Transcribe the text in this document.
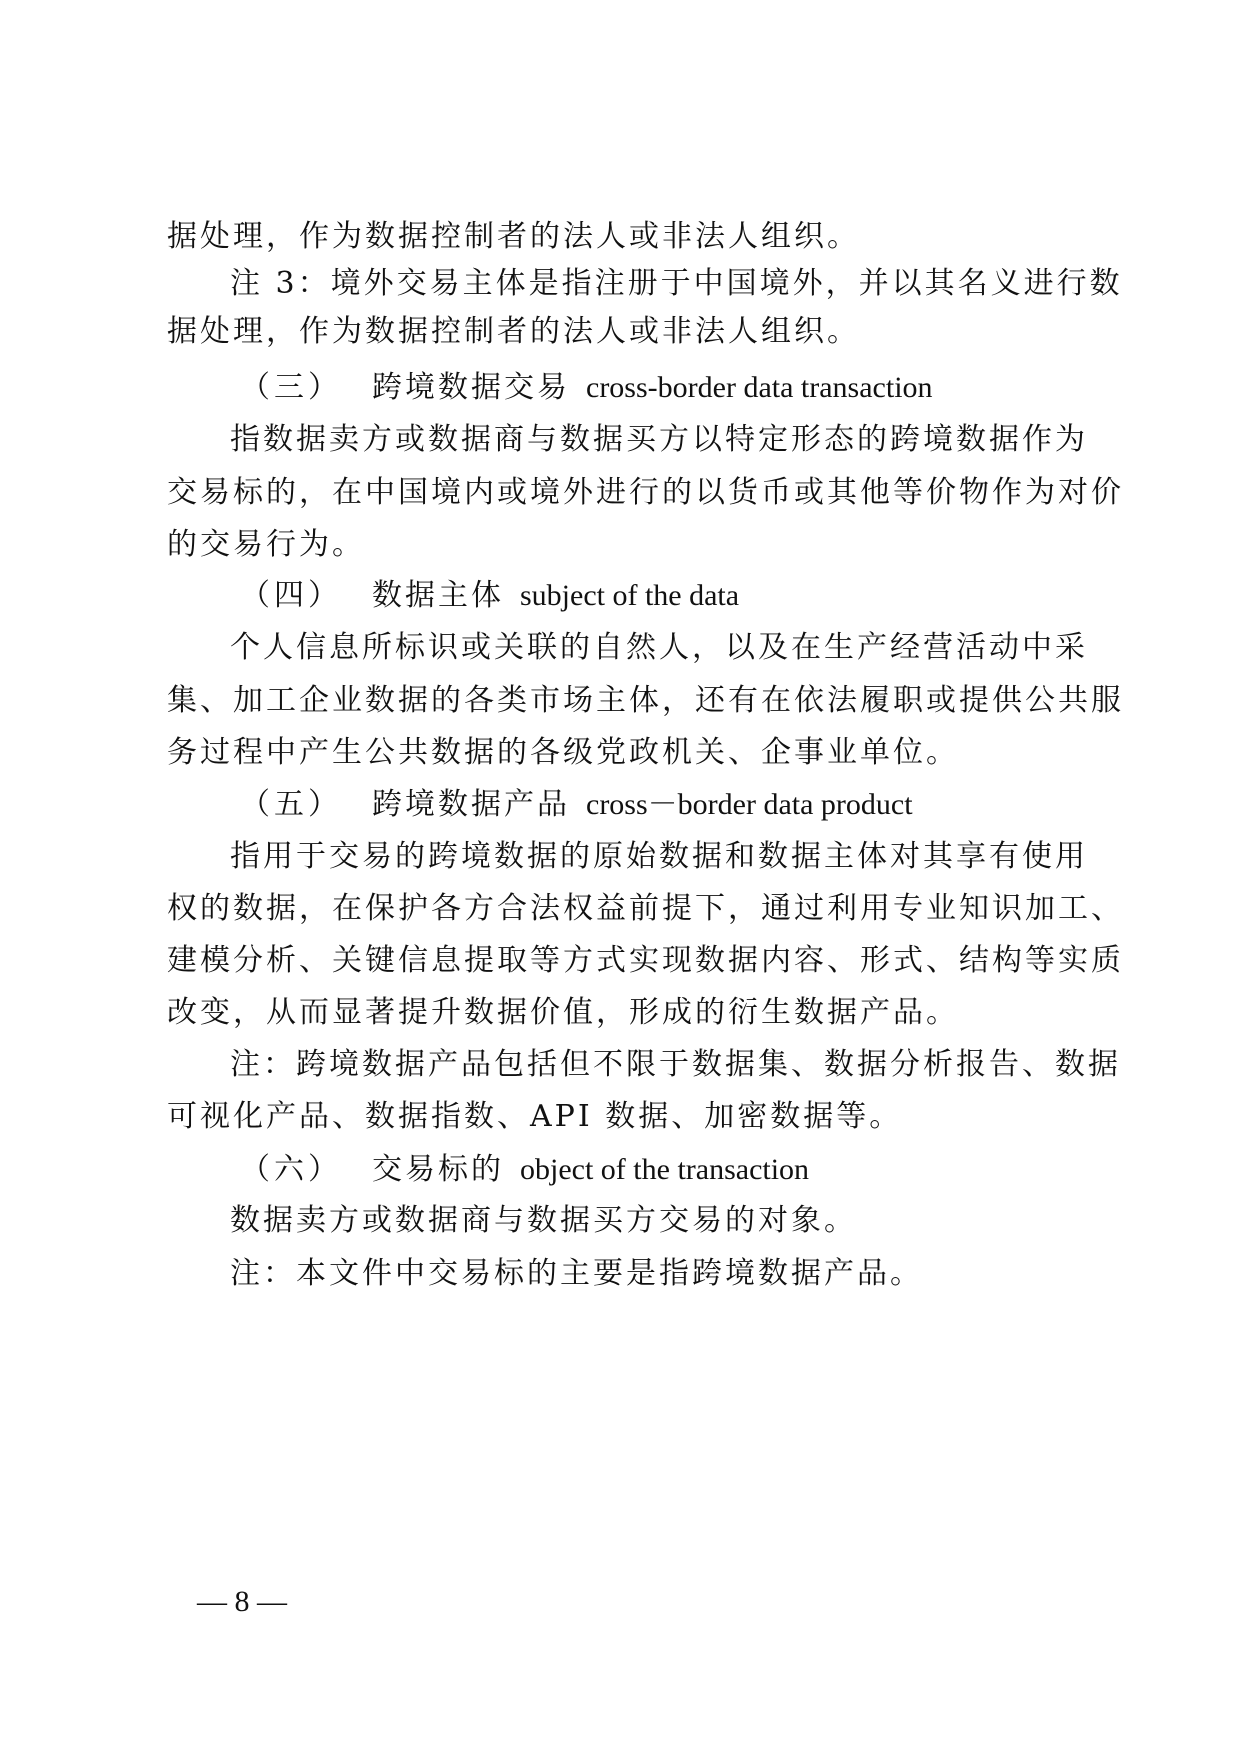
据处理，作为数据控制者的法人或非法人组织。
注 3：境外交易主体是指注册于中国境外，并以其名义进行数
据处理，作为数据控制者的法人或非法人组织。
（三） 跨境数据交易 cross-border data transaction
指数据卖方或数据商与数据买方以特定形态的跨境数据作为
交易标的，在中国境内或境外进行的以货币或其他等价物作为对价
的交易行为。
（四） 数据主体 subject of the data
个人信息所标识或关联的自然人，以及在生产经营活动中采
集、加工企业数据的各类市场主体，还有在依法履职或提供公共服
务过程中产生公共数据的各级党政机关、企事业单位。
（五） 跨境数据产品 cross－border data product
指用于交易的跨境数据的原始数据和数据主体对其享有使用
权的数据，在保护各方合法权益前提下，通过利用专业知识加工、
建模分析、关键信息提取等方式实现数据内容、形式、结构等实质
改变，从而显著提升数据价值，形成的衍生数据产品。
注：跨境数据产品包括但不限于数据集、数据分析报告、数据
可视化产品、数据指数、API 数据、加密数据等。
（六） 交易标的 object of the transaction
数据卖方或数据商与数据买方交易的对象。
注：本文件中交易标的主要是指跨境数据产品。
— 8 —
